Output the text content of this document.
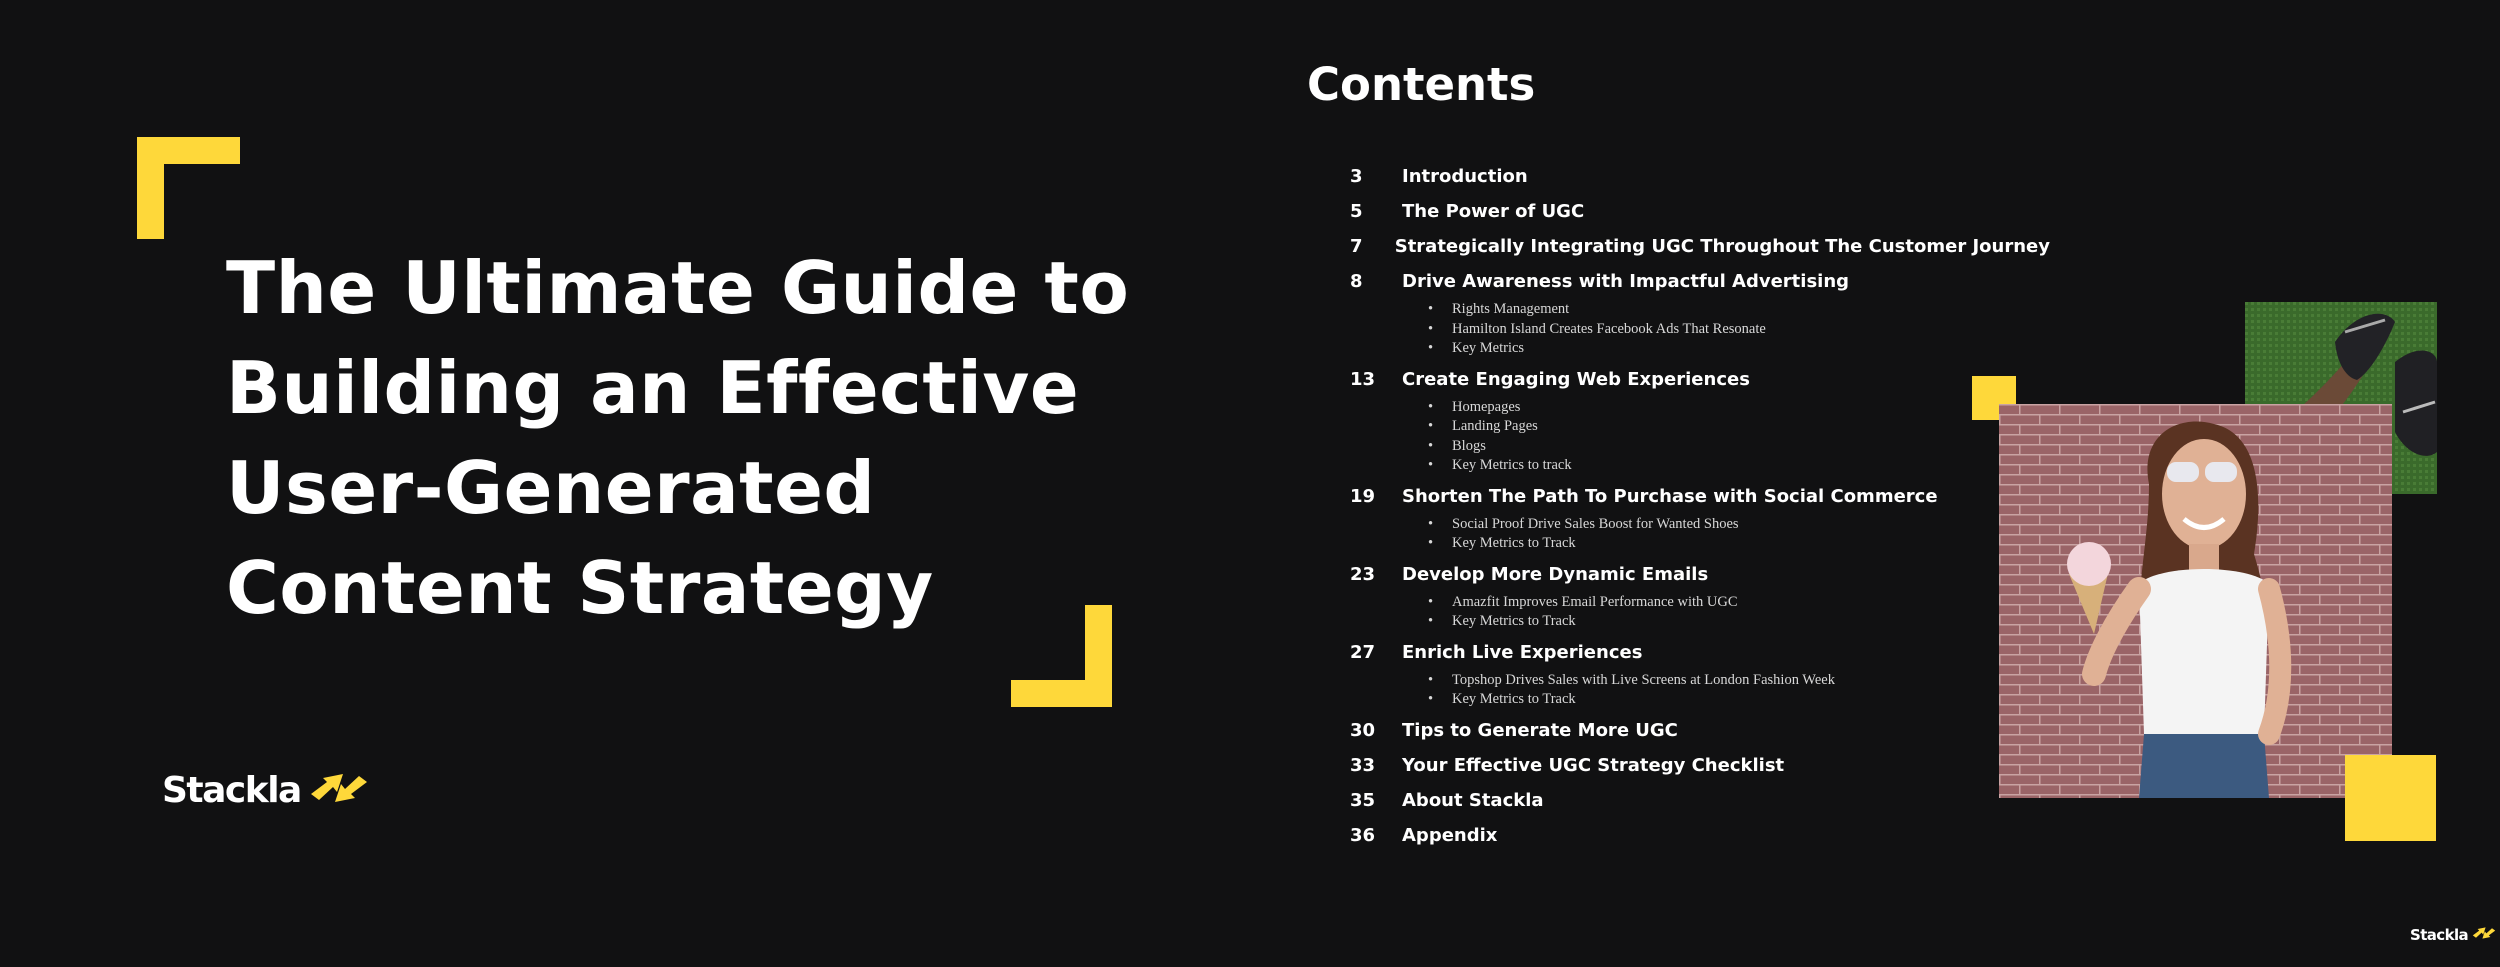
The Ultimate Guide to
Building an Effective
User-Generated
Content Strategy
Stackla
Contents
3	Introduction
5	The Power of UGC
7	Strategically Integrating UGC Throughout The Customer Journey
8	Drive Awareness with Impactful Advertising
• Rights Management
• Hamilton Island Creates Facebook Ads That Resonate
• Key Metrics
13	Create Engaging Web Experiences
• Homepages
• Landing Pages
• Blogs
• Key Metrics to track
19	Shorten The Path To Purchase with Social Commerce
• Social Proof Drive Sales Boost for Wanted Shoes
• Key Metrics to Track
23	Develop More Dynamic Emails
• Amazfit Improves Email Performance with UGC
• Key Metrics to Track
27	Enrich Live Experiences
• Topshop Drives Sales with Live Screens at London Fashion Week
• Key Metrics to Track
30	Tips to Generate More UGC
33	Your Effective UGC Strategy Checklist
35	About Stackla
36	Appendix
Stackla
